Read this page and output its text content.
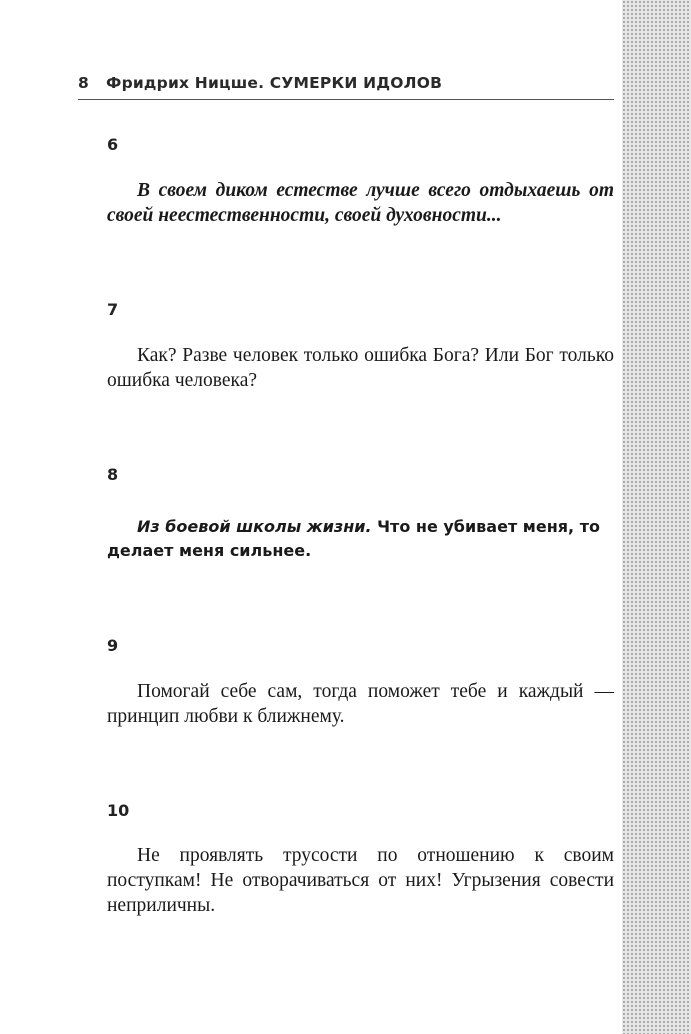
8 Фридрих Ницше. СУМЕРКИ ИДОЛОВ
6
В своем диком естестве лучше всего отдыхаешь от своей неестественности, своей духовности...
7
Как? Разве человек только ошибка Бога? Или Бог только ошибка человека?
8
Из боевой школы жизни. Что не убивает меня, то делает меня сильнее.
9
Помогай себе сам, тогда поможет тебе и каждый — принцип любви к ближнему.
10
Не проявлять трусости по отношению к своим поступкам! Не отворачиваться от них! Угрызения совести неприличны.
